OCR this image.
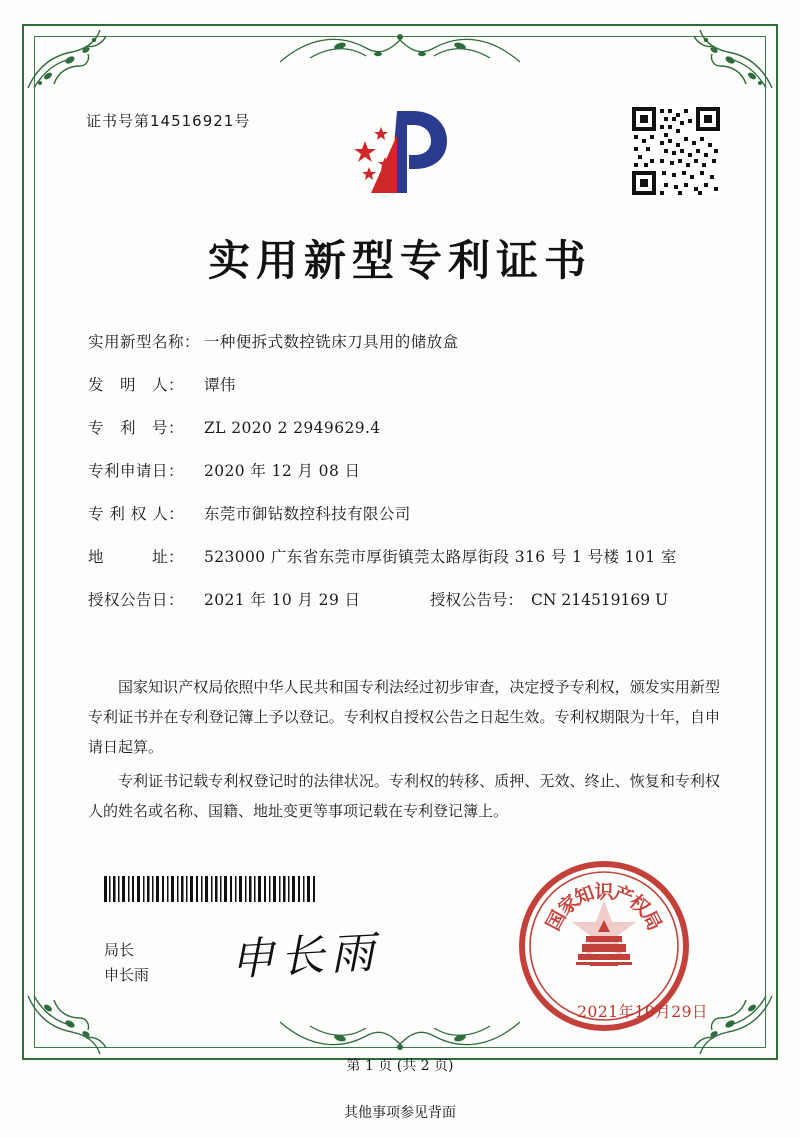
证书号第14516921号
实用新型专利证书
实用新型名称： 一种便拆式数控铣床刀具用的储放盒
发　明　人：	谭伟
专　利　号：	ZL 2020 2 2949629.4
专利申请日：	2020 年 12 月 08 日
专 利 权 人：	东莞市御钻数控科技有限公司
地　　　址：	523000 广东省东莞市厚街镇莞太路厚街段 316 号 1 号楼 101 室
授权公告日：	2021 年 10 月 29 日	授权公告号： CN 214519169 U

国家知识产权局依照中华人民共和国专利法经过初步审查，决定授予专利权，颁发实用新型专利证书并在专利登记簿上予以登记。专利权自授权公告之日起生效。专利权期限为十年，自申请日起算。

专利证书记载专利权登记时的法律状况。专利权的转移、质押、无效、终止、恢复和专利权人的姓名或名称、国籍、地址变更等事项记载在专利登记簿上。

局长
申长雨 申长雨
国
家
知
识
产
权
局
2021年10月29日
第 1 页 (共 2 页)
其他事项参见背面
